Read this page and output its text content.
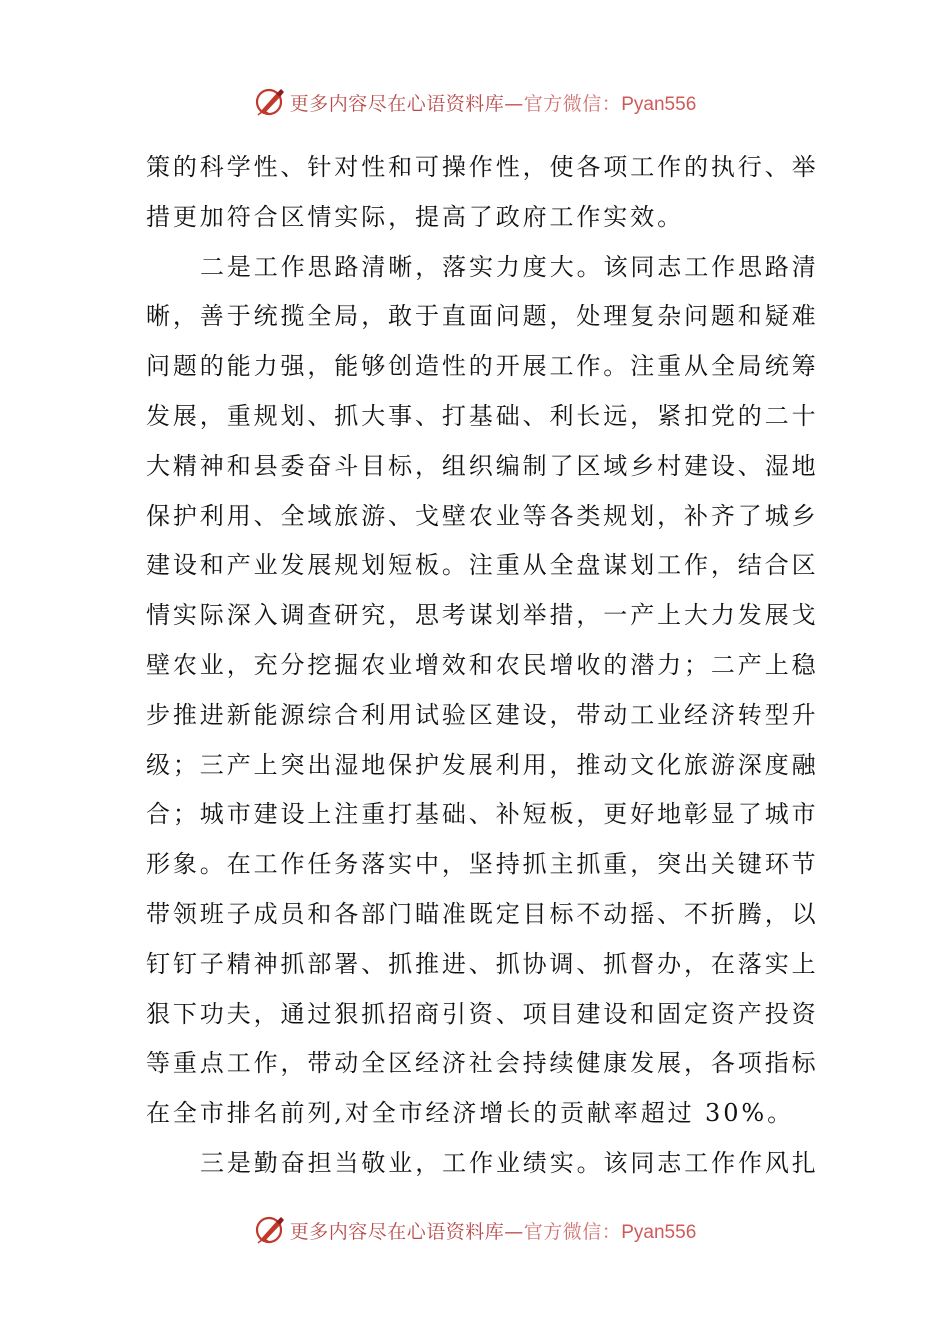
更多内容尽在心语资料库 — 官方微信： Pyan556

策的科学性、针对性和可操作性，使各项工作的执行、举
措更加符合区情实际，提高了政府工作实效。

二是工作思路清晰，落实力度大。该同志工作思路清
晰，善于统揽全局，敢于直面问题，处理复杂问题和疑难
问题的能力强，能够创造性的开展工作。注重从全局统筹
发展，重规划、抓大事、打基础、利长远，紧扣党的二十
大精神和县委奋斗目标，组织编制了区域乡村建设、湿地
保护利用、全域旅游、戈壁农业等各类规划，补齐了城乡
建设和产业发展规划短板。注重从全盘谋划工作，结合区
情实际深入调查研究，思考谋划举措，一产上大力发展戈
壁农业，充分挖掘农业增效和农民增收的潜力；二产上稳
步推进新能源综合利用试验区建设，带动工业经济转型升
级；三产上突出湿地保护发展利用，推动文化旅游深度融
合；城市建设上注重打基础、补短板，更好地彰显了城市
形象。在工作任务落实中，坚持抓主抓重，突出关键环节
带领班子成员和各部门瞄准既定目标不动摇、不折腾，以
钉钉子精神抓部署、抓推进、抓协调、抓督办，在落实上
狠下功夫，通过狠抓招商引资、项目建设和固定资产投资
等重点工作，带动全区经济社会持续健康发展，各项指标
在全市排名前列,对全市经济增长的贡献率超过 30%。

三是勤奋担当敬业，工作业绩实。该同志工作作风扎

更多内容尽在心语资料库 — 官方微信： Pyan556
